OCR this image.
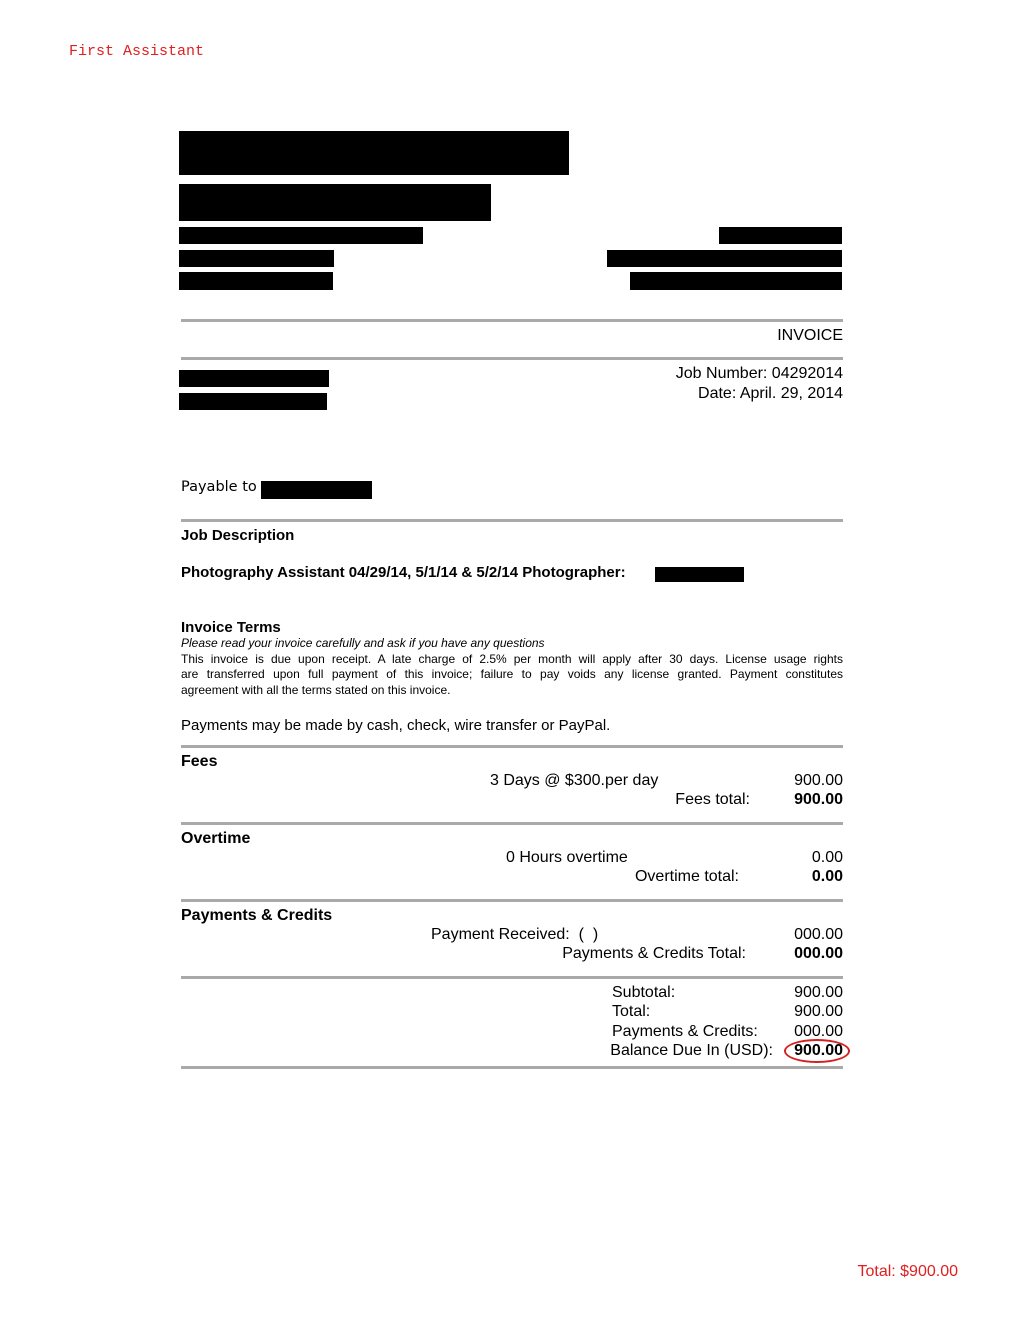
First Assistant
INVOICE
Job Number: 04292014
Date: April. 29, 2014
Payable to
Job Description
Photography Assistant 04/29/14, 5/1/14 & 5/2/14 Photographer:
Invoice Terms
Please read your invoice carefully and ask if you have any questions
This invoice is due upon receipt. A late charge of 2.5% per month will apply after 30 days. License usage rights
are transferred upon full payment of this invoice; failure to pay voids any license granted. Payment constitutes
agreement with all the terms stated on this invoice.
Payments may be made by cash, check, wire transfer or PayPal.
Fees
3 Days @ $300.per day	900.00
Fees total:	900.00
Overtime
0 Hours overtime	0.00
Overtime total:	0.00
Payments & Credits
Payment Received:  (  )	000.00
Payments & Credits Total:	000.00
Subtotal:	900.00
Total:	900.00
Payments & Credits: 000.00
Balance Due In (USD): 900.00
Total: $900.00
